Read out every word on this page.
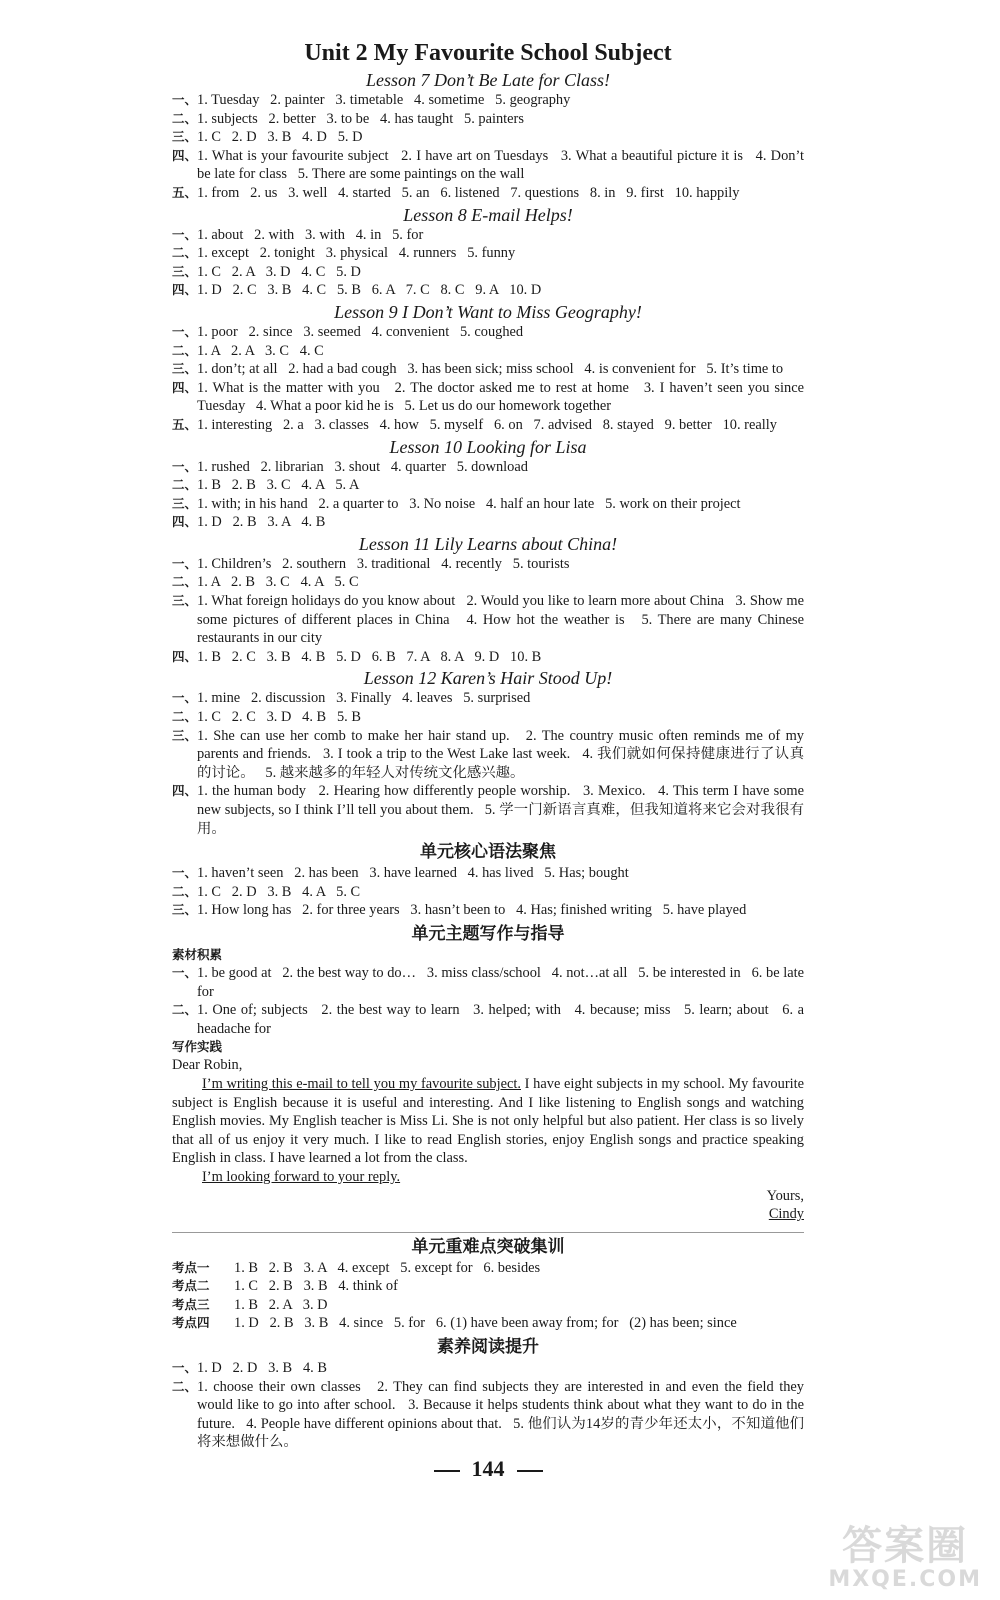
Unit 2 My Favourite School Subject
Lesson 7 Don’t Be Late for Class!
一、 1. Tuesday   2. painter   3. timetable   4. sometime   5. geography
二、 1. subjects   2. better   3. to be   4. has taught   5. painters
三、 1. C   2. D   3. B   4. D   5. D
四、 1. What is your favourite subject   2. I have art on Tuesdays   3. What a beautiful picture it is   4. Don’t be late for class   5. There are some paintings on the wall
五、 1. from   2. us   3. well   4. started   5. an   6. listened   7. questions   8. in   9. first   10. happily
Lesson 8 E-mail Helps!
一、 1. about   2. with   3. with   4. in   5. for
二、 1. except   2. tonight   3. physical   4. runners   5. funny
三、 1. C   2. A   3. D   4. C   5. D
四、 1. D   2. C   3. B   4. C   5. B   6. A   7. C   8. C   9. A   10. D
Lesson 9 I Don’t Want to Miss Geography!
一、 1. poor   2. since   3. seemed   4. convenient   5. coughed
二、 1. A   2. A   3. C   4. C
三、 1. don’t; at all   2. had a bad cough   3. has been sick; miss school   4. is convenient for   5. It’s time to
四、 1. What is the matter with you   2. The doctor asked me to rest at home   3. I haven’t seen you since Tuesday   4. What a poor kid he is   5. Let us do our homework together
五、 1. interesting   2. a   3. classes   4. how   5. myself   6. on   7. advised   8. stayed   9. better   10. really
Lesson 10 Looking for Lisa
一、 1. rushed   2. librarian   3. shout   4. quarter   5. download
二、 1. B   2. B   3. C   4. A   5. A
三、 1. with; in his hand   2. a quarter to   3. No noise   4. half an hour late   5. work on their project
四、 1. D   2. B   3. A   4. B
Lesson 11 Lily Learns about China!
一、 1. Children’s   2. southern   3. traditional   4. recently   5. tourists
二、 1. A   2. B   3. C   4. A   5. C
三、 1. What foreign holidays do you know about   2. Would you like to learn more about China   3. Show me some pictures of different places in China   4. How hot the weather is   5. There are many Chinese restaurants in our city
四、 1. B   2. C   3. B   4. B   5. D   6. B   7. A   8. A   9. D   10. B
Lesson 12 Karen’s Hair Stood Up!
一、 1. mine   2. discussion   3. Finally   4. leaves   5. surprised
二、 1. C   2. C   3. D   4. B   5. B
三、 1. She can use her comb to make her hair stand up.   2. The country music often reminds me of my parents and friends.   3. I took a trip to the West Lake last week.   4. 我们就如何保持健康进行了认真的讨论。   5. 越来越多的年轻人对传统文化感兴趣。
四、 1. the human body   2. Hearing how differently people worship.   3. Mexico.   4. This term I have some new subjects, so I think I’ll tell you about them.   5. 学一门新语言真难，但我知道将来它会对我很有用。
单元核心语法聚焦
一、 1. haven’t seen   2. has been   3. have learned   4. has lived   5. Has; bought
二、 1. C   2. D   3. B   4. A   5. C
三、 1. How long has   2. for three years   3. hasn’t been to   4. Has; finished writing   5. have played
单元主题写作与指导
素材积累
一、 1. be good at   2. the best way to do…   3. miss class/school   4. not…at all   5. be interested in   6. be late for
二、 1. One of; subjects   2. the best way to learn   3. helped; with   4. because; miss   5. learn; about   6. a headache for
写作实践

Dear Robin,

I’m writing this e-mail to tell you my favourite subject. I have eight subjects in my school. My favourite subject is English because it is useful and interesting. And I like listening to English songs and watching English movies. My English teacher is Miss Li. She is not only helpful but also patient. Her class is so lively that all of us enjoy it very much. I like to read English stories, enjoy English songs and practice speaking English in class. I have learned a lot from the class.

I’m looking forward to your reply.

Yours,
Cindy
单元重难点突破集训
考点一	1. B   2. B   3. A   4. except   5. except for   6. besides
考点二	1. C   2. B   3. B   4. think of
考点三	1. B   2. A   3. D
考点四	1. D   2. B   3. B   4. since   5. for   6. (1) have been away from; for   (2) has been; since
素养阅读提升
一、 1. D   2. D   3. B   4. B
二、 1. choose their own classes   2. They can find subjects they are interested in and even the field they would like to go into after school.   3. Because it helps students think about what they want to do in the future.   4. People have different opinions about that.   5. 他们认为14岁的青少年还太小，不知道他们将来想做什么。
144
答案圈
MXQE.COM
